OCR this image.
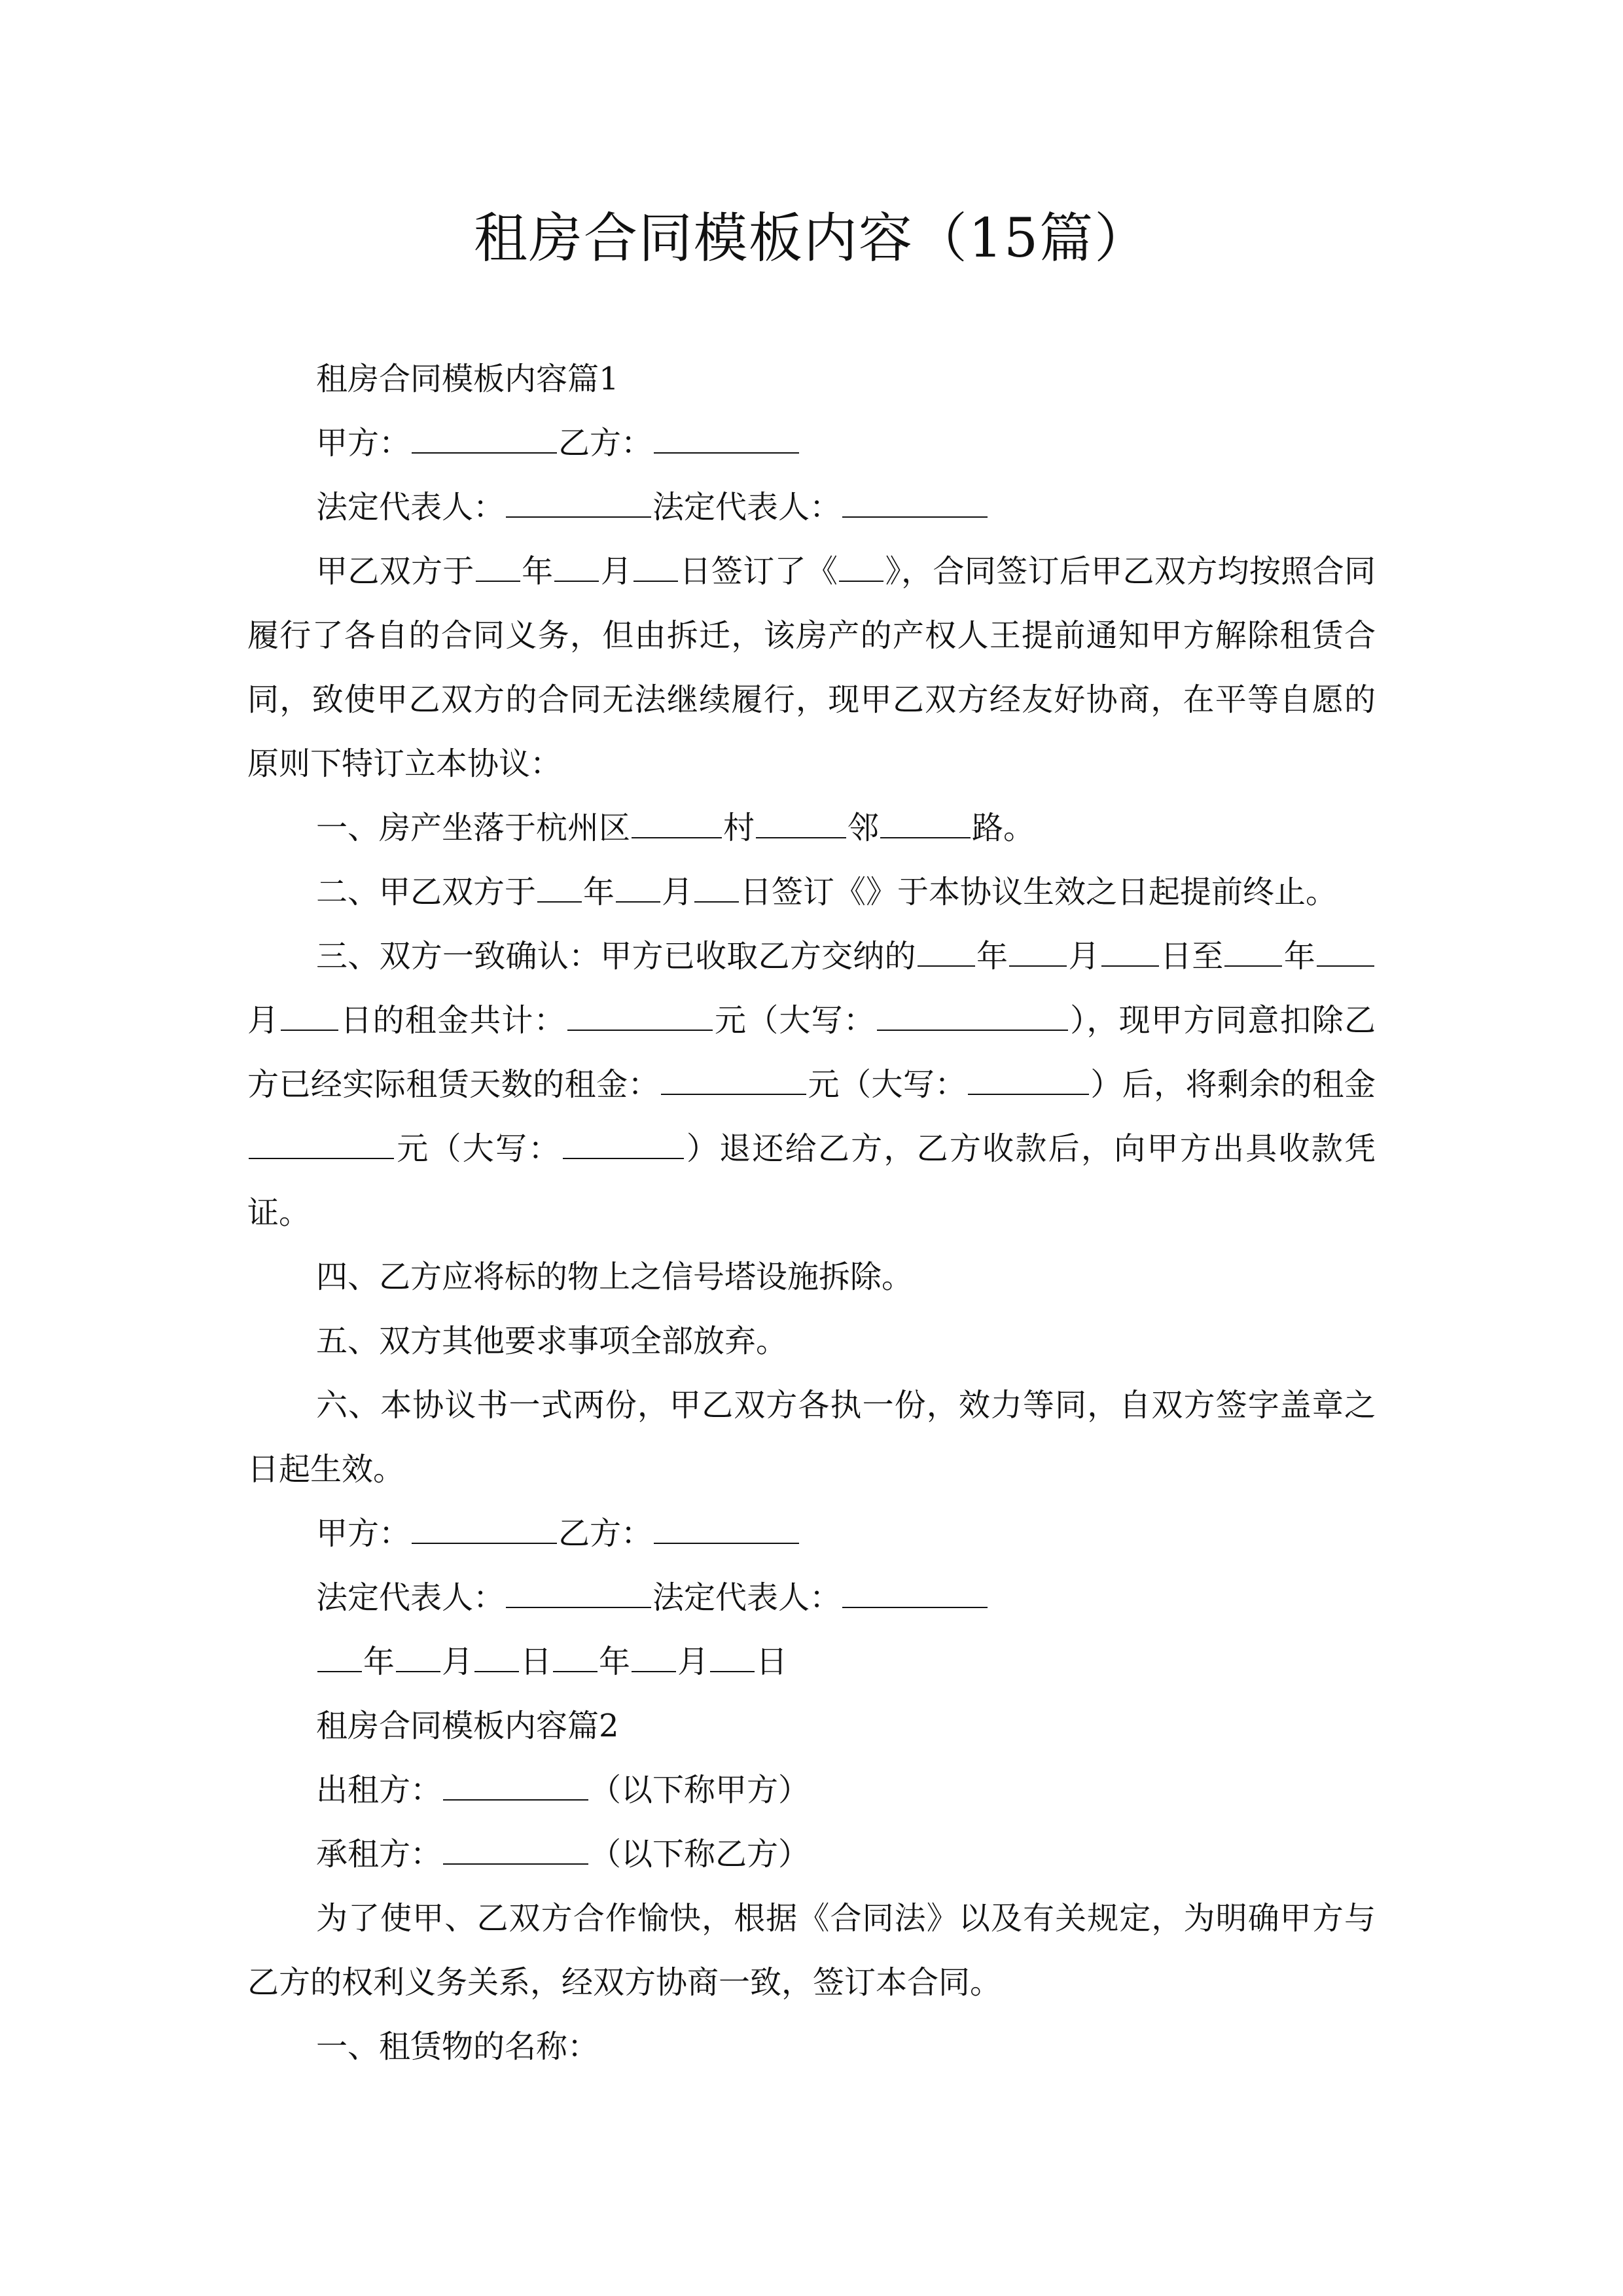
租房合同模板内容（15篇）

租房合同模板内容篇1

甲方：	乙方：

法定代表人：	法定代表人：

甲乙双方于 年 月 日签订了《 》，合同签订后甲乙双方均按照合同履行了各自的合同义务，但由拆迁，该房产的产权人王提前通知甲方解除租赁合同，致使甲乙双方的合同无法继续履行，现甲乙双方经友好协商，在平等自愿的原则下特订立本协议：

一、房产坐落于杭州区	村	邻	路。

二、甲乙双方于 年 月 日签订《》于本协议生效之日起提前终止。

三、双方一致确认：甲方已收取乙方交纳的 年 月 日至 年月 日的租金共计：	元（大写：	），现甲方同意扣除乙方已经实际租赁天数的租金：	元（大写：	）后，将剩余的租金元（大写：	）退还给乙方，乙方收款后，向甲方出具收款凭证。

四、乙方应将标的物上之信号塔设施拆除。

五、双方其他要求事项全部放弃。

六、本协议书一式两份，甲乙双方各执一份，效力等同，自双方签字盖章之日起生效。

甲方：	乙方：

法定代表人：	法定代表人：

年 月 日 年 月 日

租房合同模板内容篇2

出租方：	（以下称甲方）

承租方：	（以下称乙方）

为了使甲、乙双方合作愉快，根据《合同法》以及有关规定，为明确甲方与乙方的权利义务关系，经双方协商一致，签订本合同。

一、租赁物的名称：
